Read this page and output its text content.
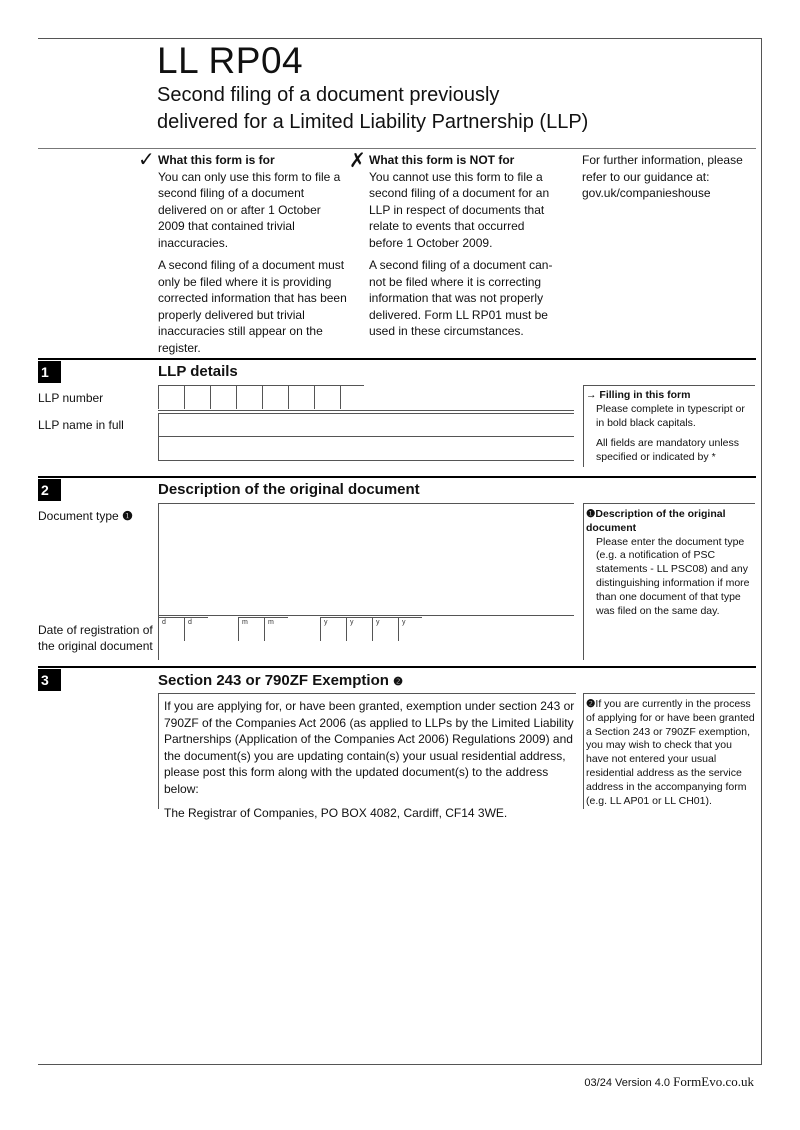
LL RP04
Second filing of a document previously
delivered for a Limited Liability Partnership (LLP)
✓ What this form is for

You can only use this form to file a second filing of a document delivered on or after 1 October 2009 that contained trivial inaccuracies.

A second filing of a document must only be filed where it is providing corrected information that has been properly delivered but trivial inaccuracies still appear on the register.

✗ What this form is NOT for

You cannot use this form to file a second filing of a document for an LLP in respect of documents that relate to events that occurred before 1 October 2009.

A second filing of a document can-not be filed where it is correcting information that was not properly delivered. Form LL RP01 must be used in these circumstances.

For further information, please refer to our guidance at: gov.uk/companieshouse
1	LLP details
LLP number
LLP name in full
→ Filling in this form
Please complete in typescript or in bold black capitals.
All fields are mandatory unless specified or indicated by *
2	Description of the original document
Document type ❶
Date of registration of
the original document
d	d	m	m	y	y	y	y
❶Description of the original document
Please enter the document type (e.g. a notification of PSC statements - LL PSC08) and any distinguishing information if more than one document of that type was filed on the same day.
3	Section 243 or 790ZF Exemption ❷

If you are applying for, or have been granted, exemption under section 243 or 790ZF of the Companies Act 2006 (as applied to LLPs by the Limited Liability Partnerships (Application of the Companies Act 2006) Regulations 2009) and the document(s) you are updating contain(s) your usual residential address, please post this form along with the updated document(s) to the address below:

The Registrar of Companies, PO BOX 4082, Cardiff, CF14 3WE.

❷If you are currently in the process of applying for or have been granted a Section 243 or 790ZF exemption, you may wish to check that you have not entered your usual residential address as the service address in the accompanying form (e.g. LL AP01 or LL CH01).
03/24 Version 4.0 FormEvo.co.uk
